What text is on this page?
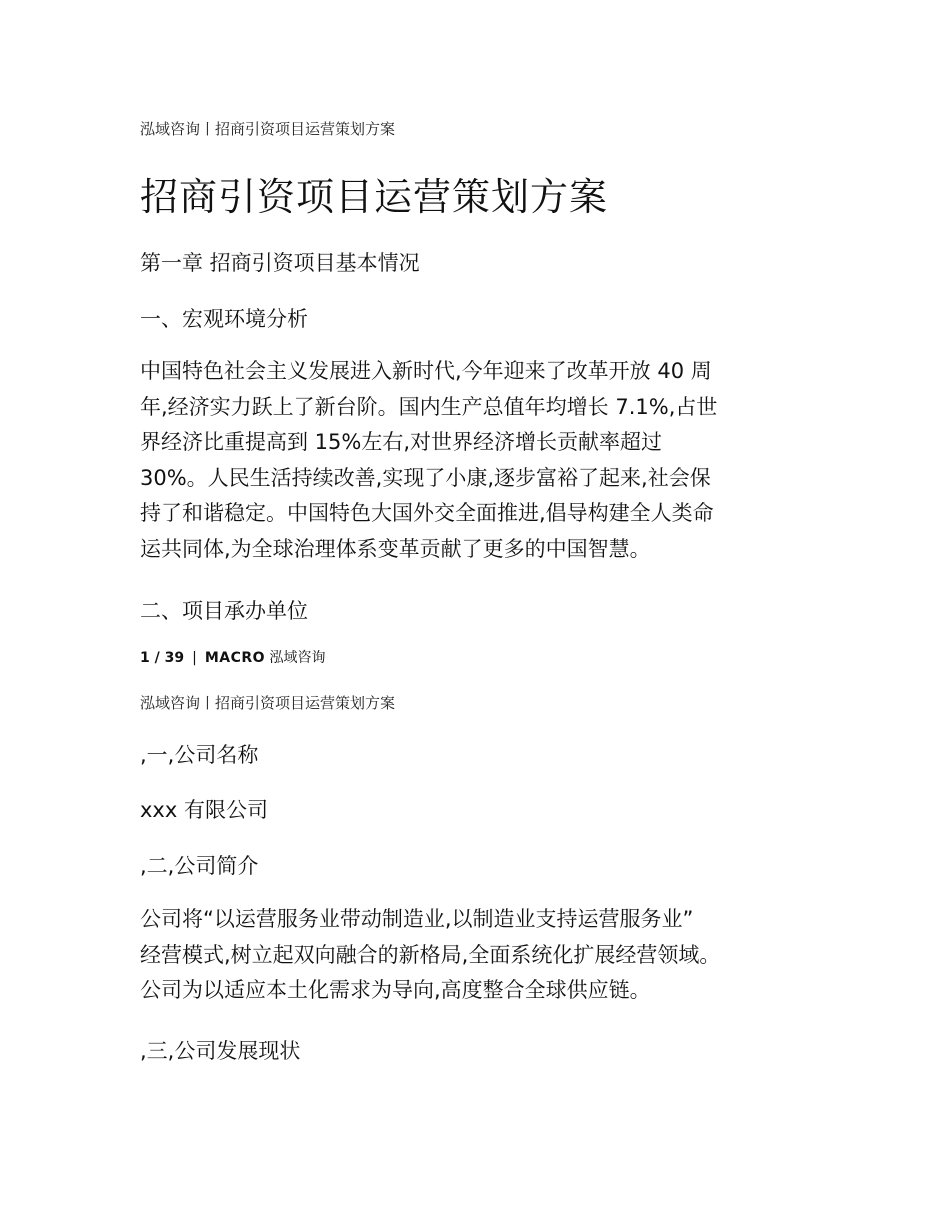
泓域咨询丨招商引资项目运营策划方案
招商引资项目运营策划方案
第一章 招商引资项目基本情况
一、宏观环境分析
中国特色社会主义发展进入新时代,今年迎来了改革开放 40 周
年,经济实力跃上了新台阶。国内生产总值年均增长 7.1%,占世
界经济比重提高到 15%左右,对世界经济增长贡献率超过
30%。人民生活持续改善,实现了小康,逐步富裕了起来,社会保
持了和谐稳定。中国特色大国外交全面推进,倡导构建全人类命
运共同体,为全球治理体系变革贡献了更多的中国智慧。
二、项目承办单位
1 / 39 | MACRO 泓域咨询
泓域咨询丨招商引资项目运营策划方案
,一,公司名称
xxx 有限公司
,二,公司简介
公司将“以运营服务业带动制造业,以制造业支持运营服务业”
经营模式,树立起双向融合的新格局,全面系统化扩展经营领域。
公司为以适应本土化需求为导向,高度整合全球供应链。
,三,公司发展现状
